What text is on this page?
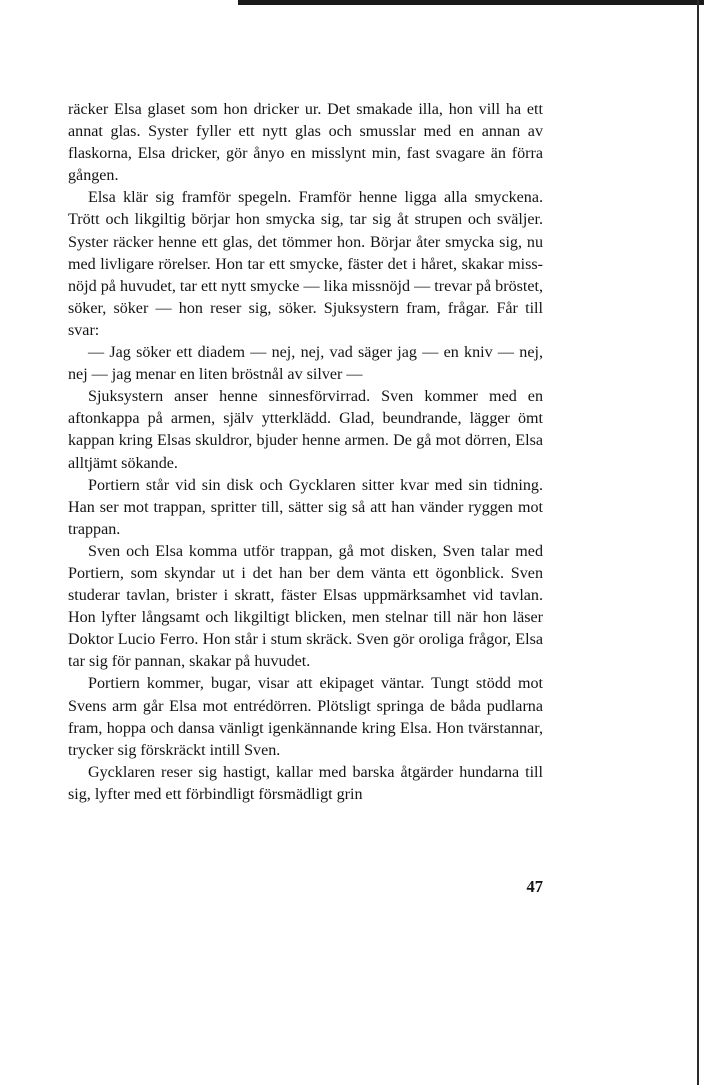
räcker Elsa glaset som hon dricker ur. Det smakade illa, hon vill ha ett annat glas. Syster fyller ett nytt glas och smusslar med en annan av flaskorna, Elsa dricker, gör ånyo en misslynt min, fast svagare än förra gången.

Elsa klär sig framför spegeln. Framför henne ligga alla smyckena. Trött och likgiltig börjar hon smycka sig, tar sig åt strupen och sväljer. Syster räcker henne ett glas, det tömmer hon. Börjar åter smycka sig, nu med livligare rörelser. Hon tar ett smycke, fäster det i håret, skakar missnöjd på huvudet, tar ett nytt smycke — lika missnöjd — trevar på bröstet, söker, söker — hon reser sig, söker. Sjuksystern fram, frågar. Får till svar:

— Jag söker ett diadem — nej, nej, vad säger jag — en kniv — nej, nej — jag menar en liten bröstnål av silver —

Sjuksystern anser henne sinnesförvirrad. Sven kommer med en aftonkappa på armen, själv ytterklädd. Glad, beundrande, lägger ömt kappan kring Elsas skuldror, bjuder henne armen. De gå mot dörren, Elsa alltjämt sökande.

Portiern står vid sin disk och Gycklaren sitter kvar med sin tidning. Han ser mot trappan, spritter till, sätter sig så att han vänder ryggen mot trappan.

Sven och Elsa komma utför trappan, gå mot disken, Sven talar med Portiern, som skyndar ut i det han ber dem vänta ett ögonblick. Sven studerar tavlan, brister i skratt, fäster Elsas uppmärksamhet vid tavlan. Hon lyfter långsamt och likgiltigt blicken, men stelnar till när hon läser Doktor Lucio Ferro. Hon står i stum skräck. Sven gör oroliga frågor, Elsa tar sig för pannan, skakar på huvudet.

Portiern kommer, bugar, visar att ekipaget väntar. Tungt stödd mot Svens arm går Elsa mot entrédörren. Plötsligt springa de båda pudlarna fram, hoppa och dansa vänligt igenkännande kring Elsa. Hon tvärstannar, trycker sig förskräckt intill Sven.

Gycklaren reser sig hastigt, kallar med barska åtgärder hundarna till sig, lyfter med ett förbindligt försmädligt grin

47
